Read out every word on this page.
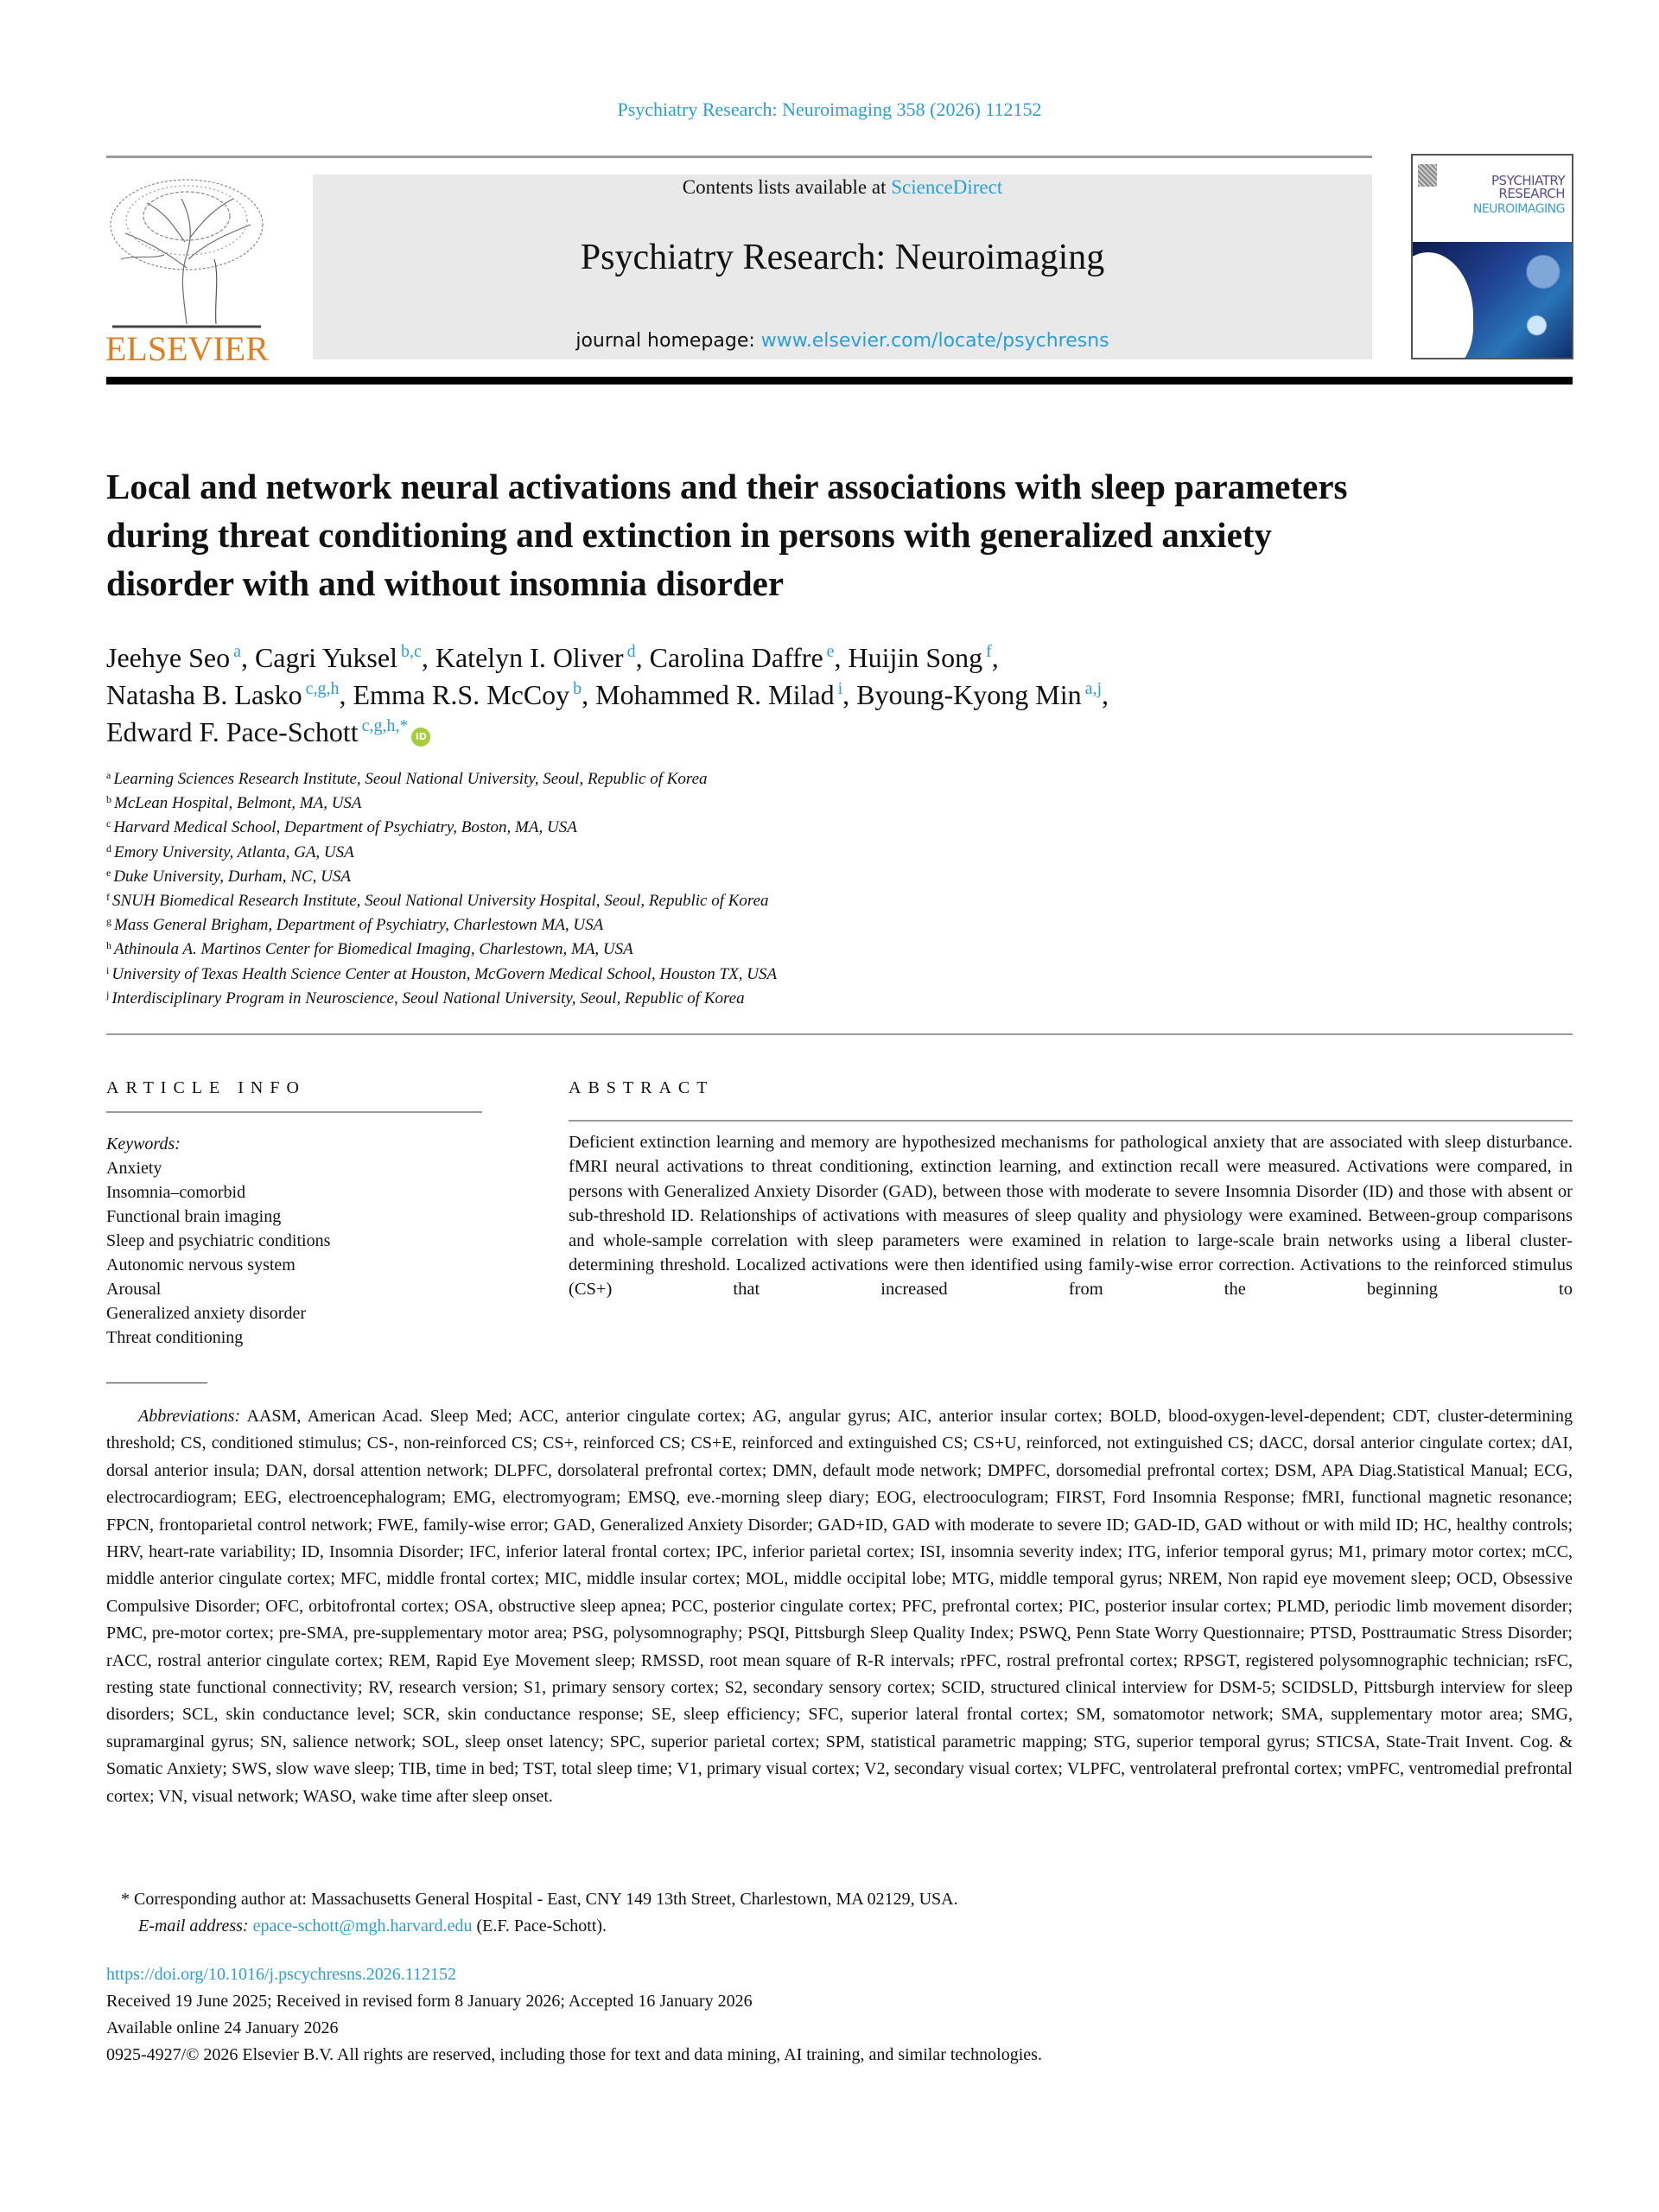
Psychiatry Research: Neuroimaging 358 (2026) 112152
ELSEVIER
Contents lists available at ScienceDirect
Psychiatry Research: Neuroimaging
journal homepage: www.elsevier.com/locate/psychresns
PSYCHIATRY
RESEARCH
NEUROIMAGING
Local and network neural activations and their associations with sleep parameters during threat conditioning and extinction in persons with generalized anxiety disorder with and without insomnia disorder
Jeehye Seo $^a$, Cagri Yuksel $^{b,c}$, Katelyn I. Oliver $^d$, Carolina Daffre $^e$, Huijin Song $^f$,
Natasha B. Lasko $^{c,g,h}$, Emma R.S. McCoy $^b$, Mohammed R. Milad $^i$, Byoung-Kyong Min $^{a,j}$,
Edward F. Pace-Schott $^{c,g,h,*}$iD
$^a$ Learning Sciences Research Institute, Seoul National University, Seoul, Republic of Korea
$^b$ McLean Hospital, Belmont, MA, USA
$^c$ Harvard Medical School, Department of Psychiatry, Boston, MA, USA
$^d$ Emory University, Atlanta, GA, USA
$^e$ Duke University, Durham, NC, USA
$^f$ SNUH Biomedical Research Institute, Seoul National University Hospital, Seoul, Republic of Korea
$^g$ Mass General Brigham, Department of Psychiatry, Charlestown MA, USA
$^h$ Athinoula A. Martinos Center for Biomedical Imaging, Charlestown, MA, USA
$^i$ University of Texas Health Science Center at Houston, McGovern Medical School, Houston TX, USA
$^j$ Interdisciplinary Program in Neuroscience, Seoul National University, Seoul, Republic of Korea
ARTICLE INFO
Keywords:
Anxiety
Insomnia–comorbid
Functional brain imaging
Sleep and psychiatric conditions
Autonomic nervous system
Arousal
Generalized anxiety disorder
Threat conditioning
ABSTRACT

Deficient extinction learning and memory are hypothesized mechanisms for pathological anxiety that are associated with sleep disturbance. fMRI neural activations to threat conditioning, extinction learning, and extinction recall were measured. Activations were compared, in persons with Generalized Anxiety Disorder (GAD), between those with moderate to severe Insomnia Disorder (ID) and those with absent or sub-threshold ID. Relationships of activations with measures of sleep quality and physiology were examined. Between-group comparisons and whole-sample correlation with sleep parameters were examined in relation to large-scale brain networks using a liberal cluster-determining threshold. Localized activations were then identified using family-wise error correction. Activations to the reinforced stimulus (CS+) that increased from the beginning to

Abbreviations: AASM, American Acad. Sleep Med; ACC, anterior cingulate cortex; AG, angular gyrus; AIC, anterior insular cortex; BOLD, blood-oxygen-level-dependent; CDT, cluster-determining threshold; CS, conditioned stimulus; CS-, non-reinforced CS; CS+, reinforced CS; CS+E, reinforced and extinguished CS; CS+U, reinforced, not extinguished CS; dACC, dorsal anterior cingulate cortex; dAI, dorsal anterior insula; DAN, dorsal attention network; DLPFC, dorsolateral prefrontal cortex; DMN, default mode network; DMPFC, dorsomedial prefrontal cortex; DSM, APA Diag.Statistical Manual; ECG, electrocardiogram; EEG, electroencephalogram; EMG, electromyogram; EMSQ, eve.-morning sleep diary; EOG, electrooculogram; FIRST, Ford Insomnia Response; fMRI, functional magnetic resonance; FPCN, frontoparietal control network; FWE, family-wise error; GAD, Generalized Anxiety Disorder; GAD+ID, GAD with moderate to severe ID; GAD-ID, GAD without or with mild ID; HC, healthy controls; HRV, heart-rate variability; ID, Insomnia Disorder; IFC, inferior lateral frontal cortex; IPC, inferior parietal cortex; ISI, insomnia severity index; ITG, inferior temporal gyrus; M1, primary motor cortex; mCC, middle anterior cingulate cortex; MFC, middle frontal cortex; MIC, middle insular cortex; MOL, middle occipital lobe; MTG, middle temporal gyrus; NREM, Non rapid eye movement sleep; OCD, Obsessive Compulsive Disorder; OFC, orbitofrontal cortex; OSA, obstructive sleep apnea; PCC, posterior cingulate cortex; PFC, prefrontal cortex; PIC, posterior insular cortex; PLMD, periodic limb movement disorder; PMC, pre-motor cortex; pre-SMA, pre-supplementary motor area; PSG, polysomnography; PSQI, Pittsburgh Sleep Quality Index; PSWQ, Penn State Worry Questionnaire; PTSD, Posttraumatic Stress Disorder; rACC, rostral anterior cingulate cortex; REM, Rapid Eye Movement sleep; RMSSD, root mean square of R-R intervals; rPFC, rostral prefrontal cortex; RPSGT, registered polysomnographic technician; rsFC, resting state functional connectivity; RV, research version; S1, primary sensory cortex; S2, secondary sensory cortex; SCID, structured clinical interview for DSM-5; SCIDSLD, Pittsburgh interview for sleep disorders; SCL, skin conductance level; SCR, skin conductance response; SE, sleep efficiency; SFC, superior lateral frontal cortex; SM, somatomotor network; SMA, supplementary motor area; SMG, supramarginal gyrus; SN, salience network; SOL, sleep onset latency; SPC, superior parietal cortex; SPM, statistical parametric mapping; STG, superior temporal gyrus; STICSA, State-Trait Invent. Cog. & Somatic Anxiety; SWS, slow wave sleep; TIB, time in bed; TST, total sleep time; V1, primary visual cortex; V2, secondary visual cortex; VLPFC, ventrolateral prefrontal cortex; vmPFC, ventromedial prefrontal cortex; VN, visual network; WASO, wake time after sleep onset.

* Corresponding author at: Massachusetts General Hospital - East, CNY 149 13th Street, Charlestown, MA 02129, USA.
E-mail address: epace-schott@mgh.harvard.edu (E.F. Pace-Schott).
https://doi.org/10.1016/j.pscychresns.2026.112152
Received 19 June 2025; Received in revised form 8 January 2026; Accepted 16 January 2026
Available online 24 January 2026
0925-4927/© 2026 Elsevier B.V. All rights are reserved, including those for text and data mining, AI training, and similar technologies.
